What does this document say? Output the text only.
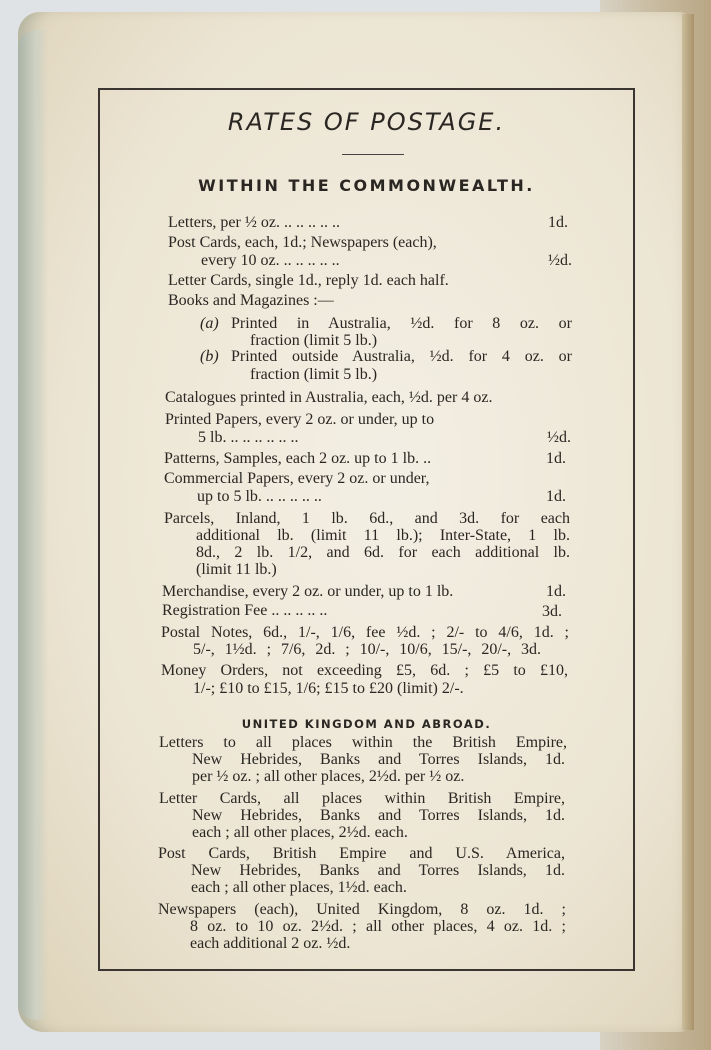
RATES OF POSTAGE.
WITHIN THE COMMONWEALTH.
Letters, per ½ oz. .. .. .. .. ..	1d.
Post Cards, each, 1d.; Newspapers (each),
every 10 oz. .. .. .. .. ..	½d.
Letter Cards, single 1d., reply 1d. each half.
Books and Magazines :—
(a) Printed in Australia, ½d. for 8 oz. or
fraction (limit 5 lb.)
(b) Printed outside Australia, ½d. for 4 oz. or
fraction (limit 5 lb.)
Catalogues printed in Australia, each, ½d. per 4 oz.
Printed Papers, every 2 oz. or under, up to
5 lb. .. .. .. .. .. ..	½d.
Patterns, Samples, each 2 oz. up to 1 lb. ..	1d.
Commercial Papers, every 2 oz. or under,
up to 5 lb. .. .. .. .. ..	1d.
Parcels, Inland, 1 lb. 6d., and 3d. for each
additional lb. (limit 11 lb.); Inter-State, 1 lb.
8d., 2 lb. 1/2, and 6d. for each additional lb.
(limit 11 lb.)
Merchandise, every 2 oz. or under, up to 1 lb.	1d.
Registration Fee .. .. .. .. ..	3d.
Postal Notes, 6d., 1/-, 1/6, fee ½d. ; 2/- to 4/6, 1d. ;
5/-, 1½d. ; 7/6, 2d. ; 10/-, 10/6, 15/-, 20/-, 3d.
Money Orders, not exceeding £5, 6d. ; £5 to £10,
1/-; £10 to £15, 1/6; £15 to £20 (limit) 2/-.
UNITED KINGDOM AND ABROAD.
Letters to all places within the British Empire,
New Hebrides, Banks and Torres Islands, 1d.
per ½ oz. ; all other places, 2½d. per ½ oz.
Letter Cards, all places within British Empire,
New Hebrides, Banks and Torres Islands, 1d.
each ; all other places, 2½d. each.
Post Cards, British Empire and U.S. America,
New Hebrides, Banks and Torres Islands, 1d.
each ; all other places, 1½d. each.
Newspapers (each), United Kingdom, 8 oz. 1d. ;
8 oz. to 10 oz. 2½d. ; all other places, 4 oz. 1d. ;
each additional 2 oz. ½d.
